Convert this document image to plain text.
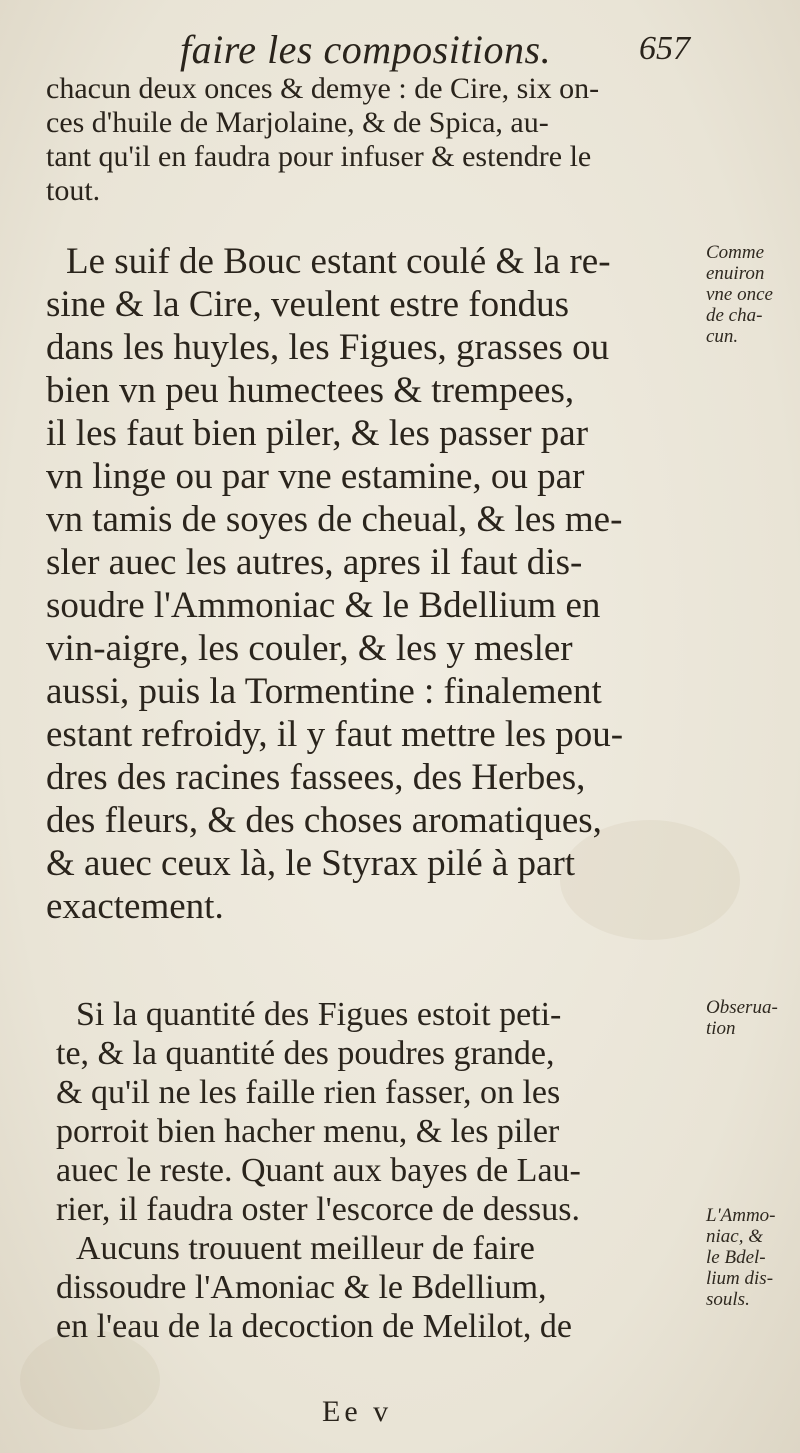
faire les compositions.	657
chacun deux onces & demye : de Cire, six on-
ces d'huile de Marjolaine, & de Spica, au-
tant qu'il en faudra pour infuser & estendre le
tout.
Le suif de Bouc estant coulé & la re-
sine & la Cire, veulent estre fondus
dans les huyles, les Figues, grasses ou
bien vn peu humectees & trempees,
il les faut bien piler, & les passer par
vn linge ou par vne estamine, ou par
vn tamis de soyes de cheual, & les me-
sler auec les autres, apres il faut dis-
soudre l'Ammoniac & le Bdellium en
vin-aigre, les couler, & les y mesler
aussi, puis la Tormentine : finalement
estant refroidy, il y faut mettre les pou-
dres des racines fassees, des Herbes,
des fleurs, & des choses aromatiques,
& auec ceux là, le Styrax pilé à part
exactement.
Comme
enuiron
vne once
de cha-
cun.
Si la quantité des Figues estoit peti-
te, & la quantité des poudres grande,
& qu'il ne les faille rien fasser, on les
porroit bien hacher menu, & les piler
auec le reste. Quant aux bayes de Lau-
rier, il faudra oster l'escorce de dessus.
Aucuns trouuent meilleur de faire
dissoudre l'Amoniac & le Bdellium,
en l'eau de la decoction de Melilot, de
Obserua-
tion
L'Ammo-
niac, &
le Bdel-
lium dis-
souls.
Ee v
